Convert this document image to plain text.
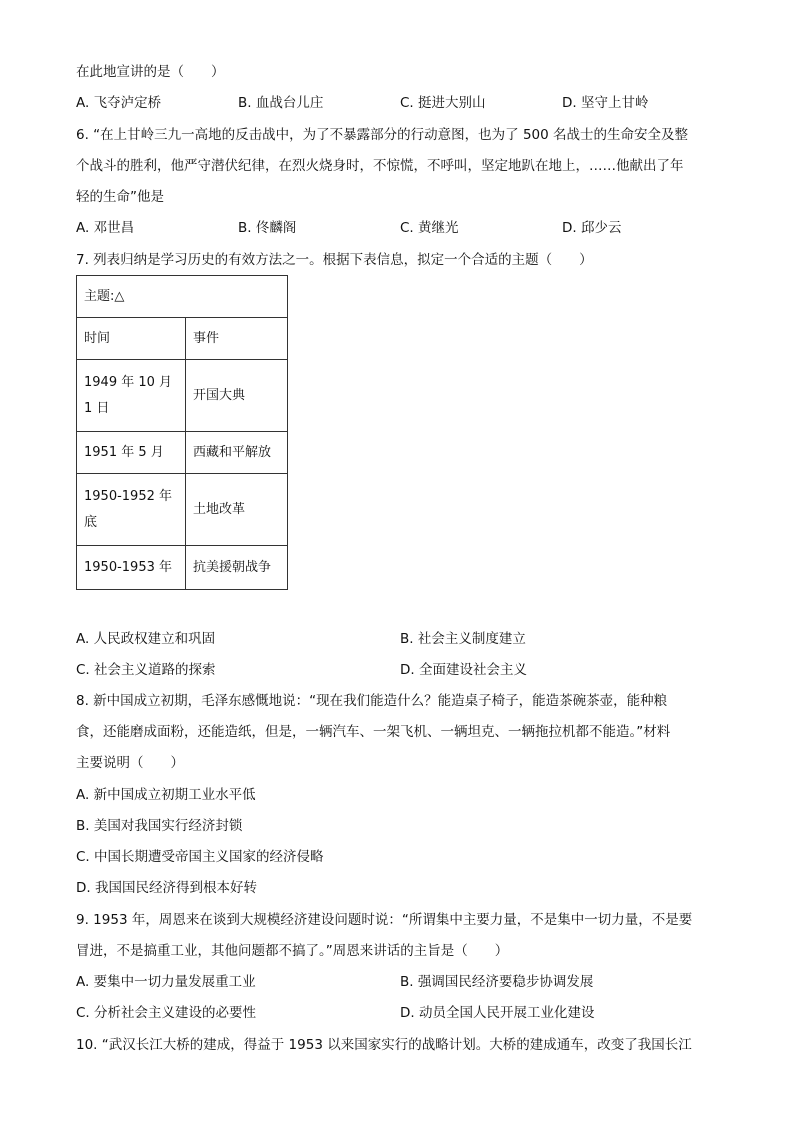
在此地宣讲的是（　　）
A. 飞夺泸定桥	B. 血战台儿庄	C. 挺进大别山	D. 坚守上甘岭
6. “在上甘岭三九一高地的反击战中，为了不暴露部分的行动意图，也为了 500 名战士的生命安全及整
个战斗的胜利，他严守潜伏纪律，在烈火烧身时，不惊慌，不呼叫，坚定地趴在地上，……他献出了年
轻的生命”他是
A. 邓世昌	B. 佟麟阁	C. 黄继光	D. 邱少云
7. 列表归纳是学习历史的有效方法之一。根据下表信息，拟定一个合适的主题（　　）
主题:△	
时间	事件

1949 年 10 月
1 日	开国大典
1951 年 5 月	西藏和平解放

1950-1952 年
底	土地改革
1950-1953 年	抗美援朝战争
A. 人民政权建立和巩固	B. 社会主义制度建立
C. 社会主义道路的探索	D. 全面建设社会主义
8. 新中国成立初期，毛泽东感慨地说：“现在我们能造什么？能造桌子椅子，能造茶碗茶壶，能种粮
食，还能磨成面粉，还能造纸，但是，一辆汽车、一架飞机、一辆坦克、一辆拖拉机都不能造。”材料
主要说明（　　）
A. 新中国成立初期工业水平低
B. 美国对我国实行经济封锁
C. 中国长期遭受帝国主义国家的经济侵略
D. 我国国民经济得到根本好转
9. 1953 年，周恩来在谈到大规模经济建设问题时说：“所谓集中主要力量，不是集中一切力量，不是要
冒进，不是搞重工业，其他问题都不搞了。”周恩来讲话的主旨是（　　）
A. 要集中一切力量发展重工业	B. 强调国民经济要稳步协调发展
C. 分析社会主义建设的必要性	D. 动员全国人民开展工业化建设
10. “武汉长江大桥的建成，得益于 1953 以来国家实行的战略计划。大桥的建成通车，改变了我国长江
